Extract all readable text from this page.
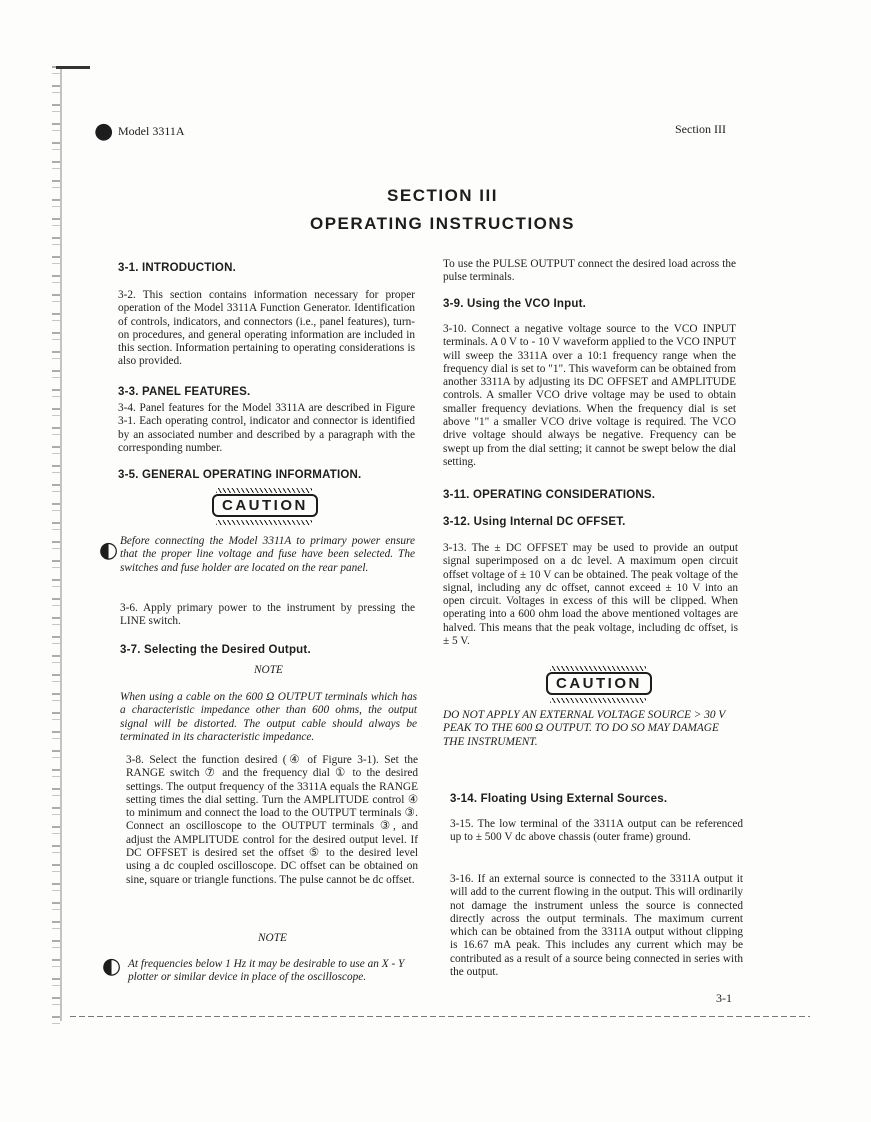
● Model 3311A	Section III
SECTION III
OPERATING INSTRUCTIONS
3-1. INTRODUCTION.
3-2. This section contains information necessary for proper operation of the Model 3311A Function Generator. Identification of controls, indicators, and connectors (i.e., panel features), turn-on procedures, and general operating information are included in this section. Information pertaining to operating considerations is also provided.
3-3. PANEL FEATURES.
3-4. Panel features for the Model 3311A are described in Figure 3-1. Each operating control, indicator and connector is identified by an associated number and described by a paragraph with the corresponding number.
3-5. GENERAL OPERATING INFORMATION.
CAUTION
◐ Before connecting the Model 3311A to primary power ensure that the proper line voltage and fuse have been selected. The switches and fuse holder are located on the rear panel.
3-6. Apply primary power to the instrument by pressing the LINE switch.
3-7. Selecting the Desired Output.
NOTE
When using a cable on the 600 Ω OUTPUT terminals which has a characteristic impedance other than 600 ohms, the output signal will be distorted. The output cable should always be terminated in its characteristic impedance.
3-8. Select the function desired (④ of Figure 3-1). Set the RANGE switch ⑦ and the frequency dial ① to the desired settings. The output frequency of the 3311A equals the RANGE setting times the dial setting. Turn the AMPLITUDE control ④ to minimum and connect the load to the OUTPUT terminals ③. Connect an oscilloscope to the OUTPUT terminals ③, and adjust the AMPLITUDE control for the desired output level. If DC OFFSET is desired set the offset ⑤ to the desired level using a dc coupled oscilloscope. DC offset can be obtained on sine, square or triangle functions. The pulse cannot be dc offset.
NOTE
◐ At frequencies below 1 Hz it may be desirable to use an X - Y plotter or similar device in place of the oscilloscope.
To use the PULSE OUTPUT connect the desired load across the pulse terminals.
3-9. Using the VCO Input.
3-10. Connect a negative voltage source to the VCO INPUT terminals. A 0 V to - 10 V waveform applied to the VCO INPUT will sweep the 3311A over a 10:1 frequency range when the frequency dial is set to "1". This waveform can be obtained from another 3311A by adjusting its DC OFFSET and AMPLITUDE controls. A smaller VCO drive voltage may be used to obtain smaller frequency deviations. When the frequency dial is set above "1" a smaller VCO drive voltage is required. The VCO drive voltage should always be negative. Frequency can be swept up from the dial setting; it cannot be swept below the dial setting.
3-11. OPERATING CONSIDERATIONS.
3-12. Using Internal DC OFFSET.
3-13. The ± DC OFFSET may be used to provide an output signal superimposed on a dc level. A maximum open circuit offset voltage of ± 10 V can be obtained. The peak voltage of the signal, including any dc offset, cannot exceed ± 10 V into an open circuit. Voltages in excess of this will be clipped. When operating into a 600 ohm load the above mentioned voltages are halved. This means that the peak voltage, including dc offset, is ± 5 V.
CAUTION
DO NOT APPLY AN EXTERNAL VOLTAGE SOURCE > 30 V PEAK TO THE 600 Ω OUTPUT. TO DO SO MAY DAMAGE THE INSTRUMENT.
3-14. Floating Using External Sources.
3-15. The low terminal of the 3311A output can be referenced up to ± 500 V dc above chassis (outer frame) ground.
3-16. If an external source is connected to the 3311A output it will add to the current flowing in the output. This will ordinarily not damage the instrument unless the source is connected directly across the output terminals. The maximum current which can be obtained from the 3311A output without clipping is 16.67 mA peak. This includes any current which may be contributed as a result of a source being connected in series with the output.
3-1
